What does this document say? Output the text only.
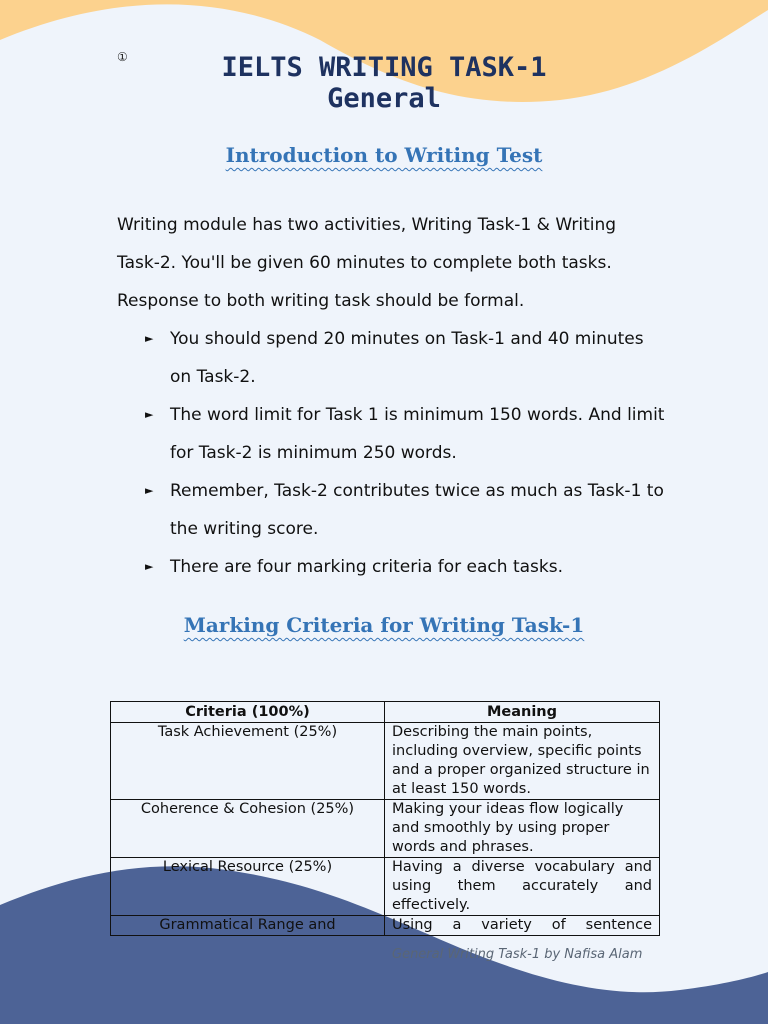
①	IELTS WRITING TASK-1
General
Introduction to Writing Test
Writing module has two activities, Writing Task-1 & Writing Task-2. You'll be given 60 minutes to complete both tasks. Response to both writing task should be formal.
► You should spend 20 minutes on Task-1 and 40 minutes on Task-2.
► The word limit for Task 1 is minimum 150 words. And limit for Task-2 is minimum 250 words.
► Remember, Task-2 contributes twice as much as Task-1 to the writing score.
► There are four marking criteria for each tasks.
Marking Criteria for Writing Task-1
Criteria (100%)	Meaning
Task Achievement (25%)	Describing the main points, including overview, specific points and a proper organized structure in at least 150 words.
Coherence & Cohesion (25%)	Making your ideas flow logically and smoothly by using proper words and phrases.
Lexical Resource (25%)	Having a diverse vocabulary and using them accurately and effectively.
Grammatical Range and	Using a variety of sentence
General Writing Task-1 by Nafisa Alam
